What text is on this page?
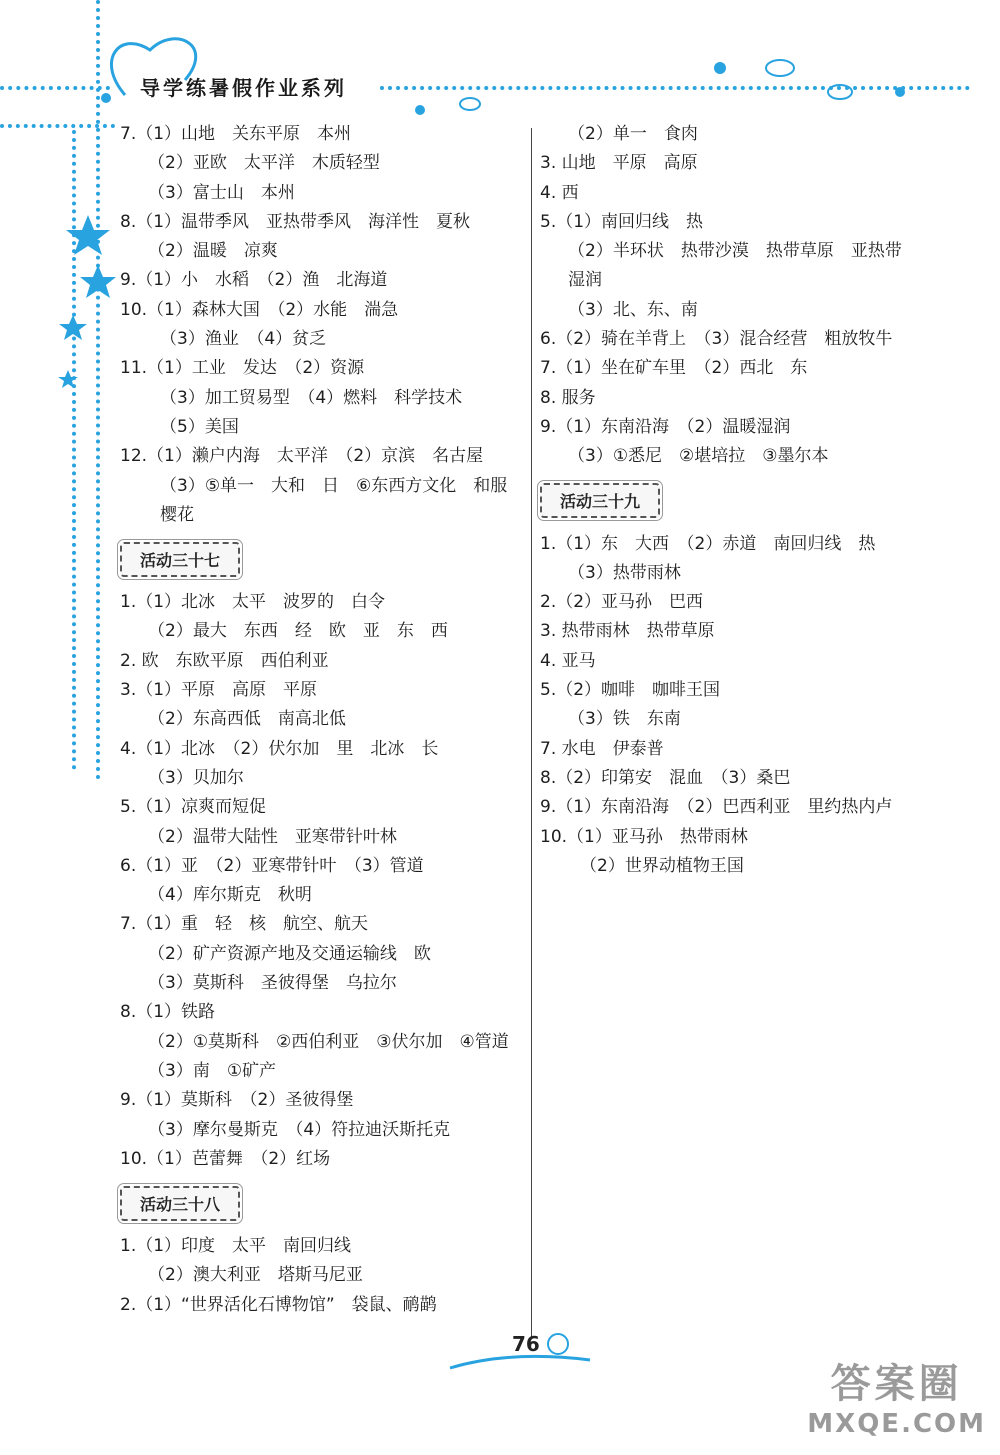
导学练暑假作业系列
7.（1）山地　关东平原　本州
（2）亚欧　太平洋　木质轻型
（3）富士山　本州
8.（1）温带季风　亚热带季风　海洋性　夏秋
（2）温暖　凉爽
9.（1）小　水稻　（2）渔　北海道
10.（1）森林大国　（2）水能　湍急
（3）渔业　（4）贫乏
11.（1）工业　发达　（2）资源
（3）加工贸易型　（4）燃料　科学技术
（5）美国
12.（1）濑户内海　太平洋　（2）京滨　名古屋
（3）⑤单一　大和　日　⑥东西方文化　和服
樱花
活动三十七
1.（1）北冰　太平　波罗的　白令
（2）最大　东西　经　欧　亚　东　西
2. 欧　东欧平原　西伯利亚
3.（1）平原　高原　平原
（2）东高西低　南高北低
4.（1）北冰　（2）伏尔加　里　北冰　长
（3）贝加尔
5.（1）凉爽而短促
（2）温带大陆性　亚寒带针叶林
6.（1）亚　（2）亚寒带针叶　（3）管道
（4）库尔斯克　秋明
7.（1）重　轻　核　航空、航天
（2）矿产资源产地及交通运输线　欧
（3）莫斯科　圣彼得堡　乌拉尔
8.（1）铁路
（2）①莫斯科　②西伯利亚　③伏尔加　④管道
（3）南　①矿产
9.（1）莫斯科　（2）圣彼得堡
（3）摩尔曼斯克　（4）符拉迪沃斯托克
10.（1）芭蕾舞　（2）红场
活动三十八
1.（1）印度　太平　南回归线
（2）澳大利亚　塔斯马尼亚
2.（1）“世界活化石博物馆”　袋鼠、鸸鹋
（2）单一　食肉
3. 山地　平原　高原
4. 西
5.（1）南回归线　热
（2）半环状　热带沙漠　热带草原　亚热带
湿润
（3）北、东、南
6.（2）骑在羊背上　（3）混合经营　粗放牧牛
7.（1）坐在矿车里　（2）西北　东
8. 服务
9.（1）东南沿海　（2）温暖湿润
（3）①悉尼　②堪培拉　③墨尔本
活动三十九
1.（1）东　大西　（2）赤道　南回归线　热
（3）热带雨林
2.（2）亚马孙　巴西
3. 热带雨林　热带草原
4. 亚马
5.（2）咖啡　咖啡王国
（3）铁　东南
7. 水电　伊泰普
8.（2）印第安　混血　（3）桑巴
9.（1）东南沿海　（2）巴西利亚　里约热内卢
10.（1）亚马孙　热带雨林
（2）世界动植物王国
76
答案圈
MXQE.COM
